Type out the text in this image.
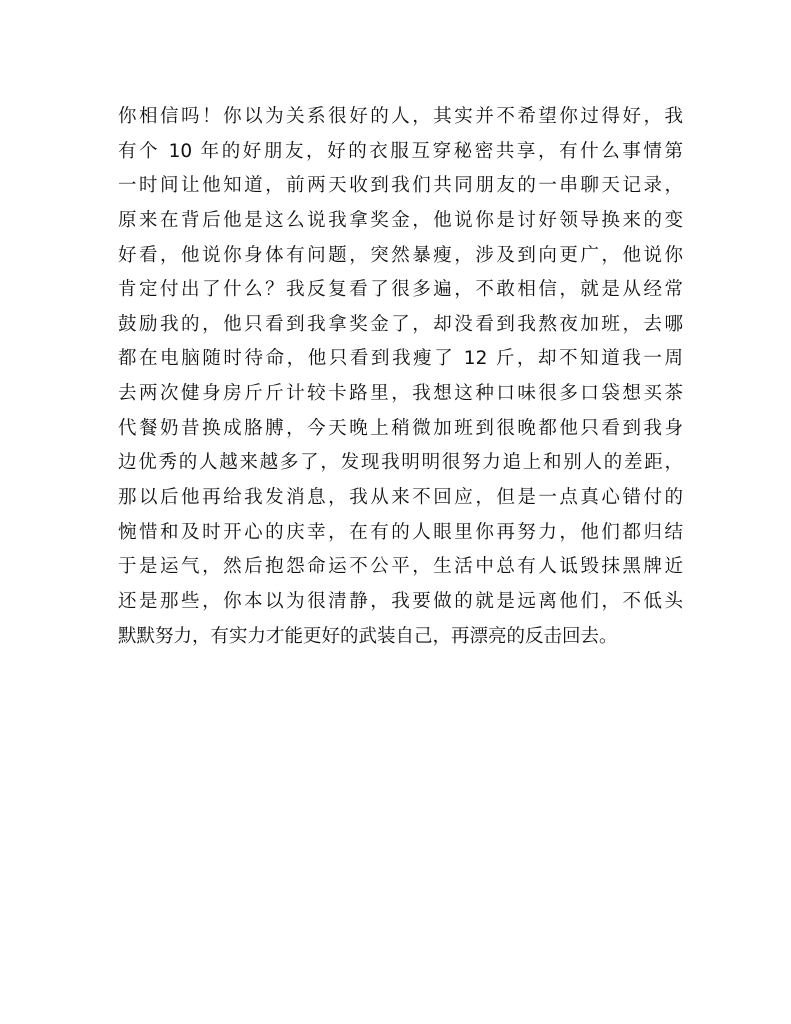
你相信吗！你以为关系很好的人，其实并不希望你过得好，我
有个 10 年的好朋友，好的衣服互穿秘密共享，有什么事情第
一时间让他知道，前两天收到我们共同朋友的一串聊天记录，
原来在背后他是这么说我拿奖金，他说你是讨好领导换来的变
好看，他说你身体有问题，突然暴瘦，涉及到向更广，他说你
肯定付出了什么？我反复看了很多遍，不敢相信，就是从经常
鼓励我的，他只看到我拿奖金了，却没看到我熬夜加班，去哪
都在电脑随时待命，他只看到我瘦了 12 斤，却不知道我一周
去两次健身房斤斤计较卡路里，我想这种口味很多口袋想买茶
代餐奶昔换成胳膊，今天晚上稍微加班到很晚都他只看到我身
边优秀的人越来越多了，发现我明明很努力追上和别人的差距，
那以后他再给我发消息，我从来不回应，但是一点真心错付的
惋惜和及时开心的庆幸，在有的人眼里你再努力，他们都归结
于是运气，然后抱怨命运不公平，生活中总有人诋毁抹黑牌近
还是那些，你本以为很清静，我要做的就是远离他们，不低头
默默努力，有实力才能更好的武装自己，再漂亮的反击回去。
